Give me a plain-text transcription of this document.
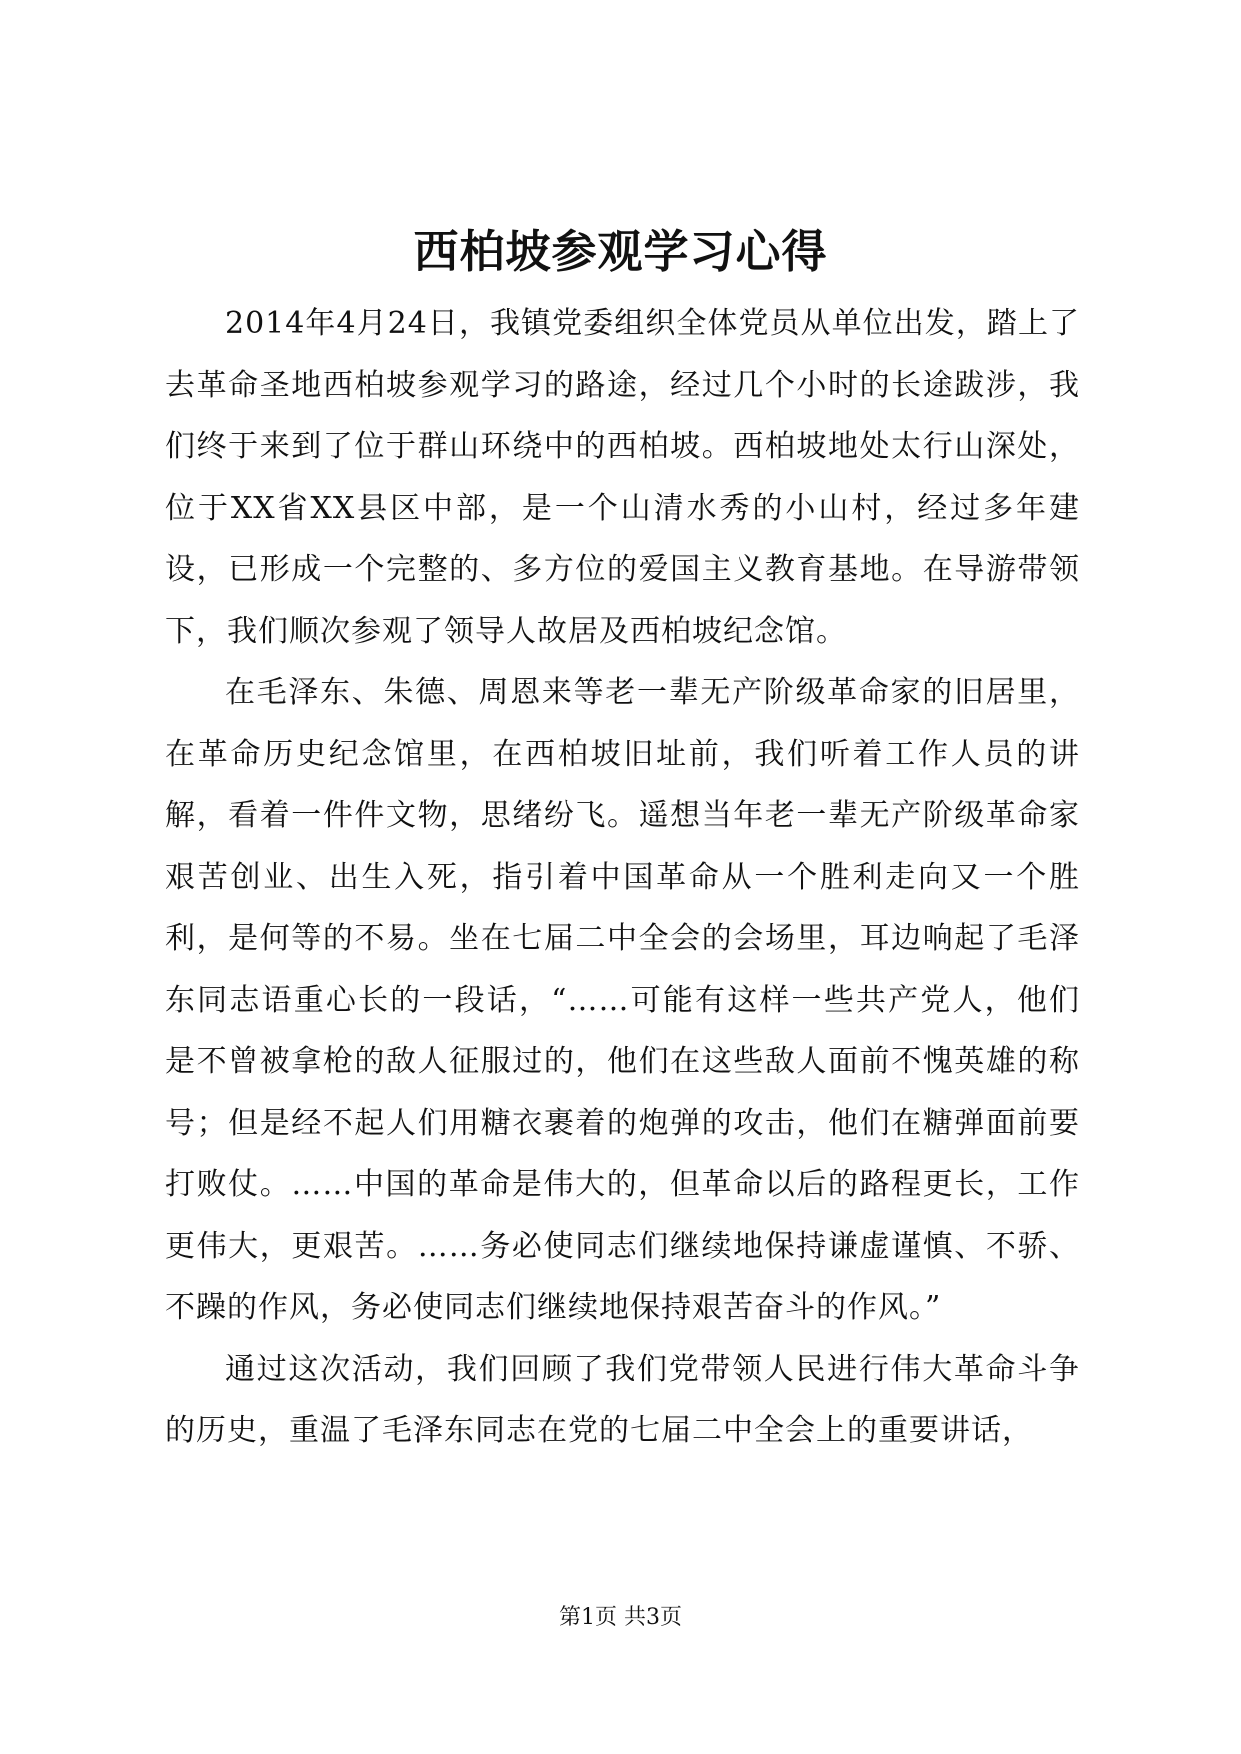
西柏坡参观学习心得

2014年4月24日，我镇党委组织全体党员从单位出发，踏上了去革命圣地西柏坡参观学习的路途，经过几个小时的长途跋涉，我们终于来到了位于群山环绕中的西柏坡。西柏坡地处太行山深处，位于XX省XX县区中部，是一个山清水秀的小山村，经过多年建设，已形成一个完整的、多方位的爱国主义教育基地。在导游带领下，我们顺次参观了领导人故居及西柏坡纪念馆。

在毛泽东、朱德、周恩来等老一辈无产阶级革命家的旧居里，在革命历史纪念馆里，在西柏坡旧址前，我们听着工作人员的讲解，看着一件件文物，思绪纷飞。遥想当年老一辈无产阶级革命家艰苦创业、出生入死，指引着中国革命从一个胜利走向又一个胜利，是何等的不易。坐在七届二中全会的会场里，耳边响起了毛泽东同志语重心长的一段话，“……可能有这样一些共产党人，他们是不曾被拿枪的敌人征服过的，他们在这些敌人面前不愧英雄的称号；但是经不起人们用糖衣裹着的炮弹的攻击，他们在糖弹面前要打败仗。……中国的革命是伟大的，但革命以后的路程更长，工作更伟大，更艰苦。……务必使同志们继续地保持谦虚谨慎、不骄、不躁的作风，务必使同志们继续地保持艰苦奋斗的作风。”

通过这次活动，我们回顾了我们党带领人民进行伟大革命斗争的历史，重温了毛泽东同志在党的七届二中全会上的重要讲话，

第1页 共3页
